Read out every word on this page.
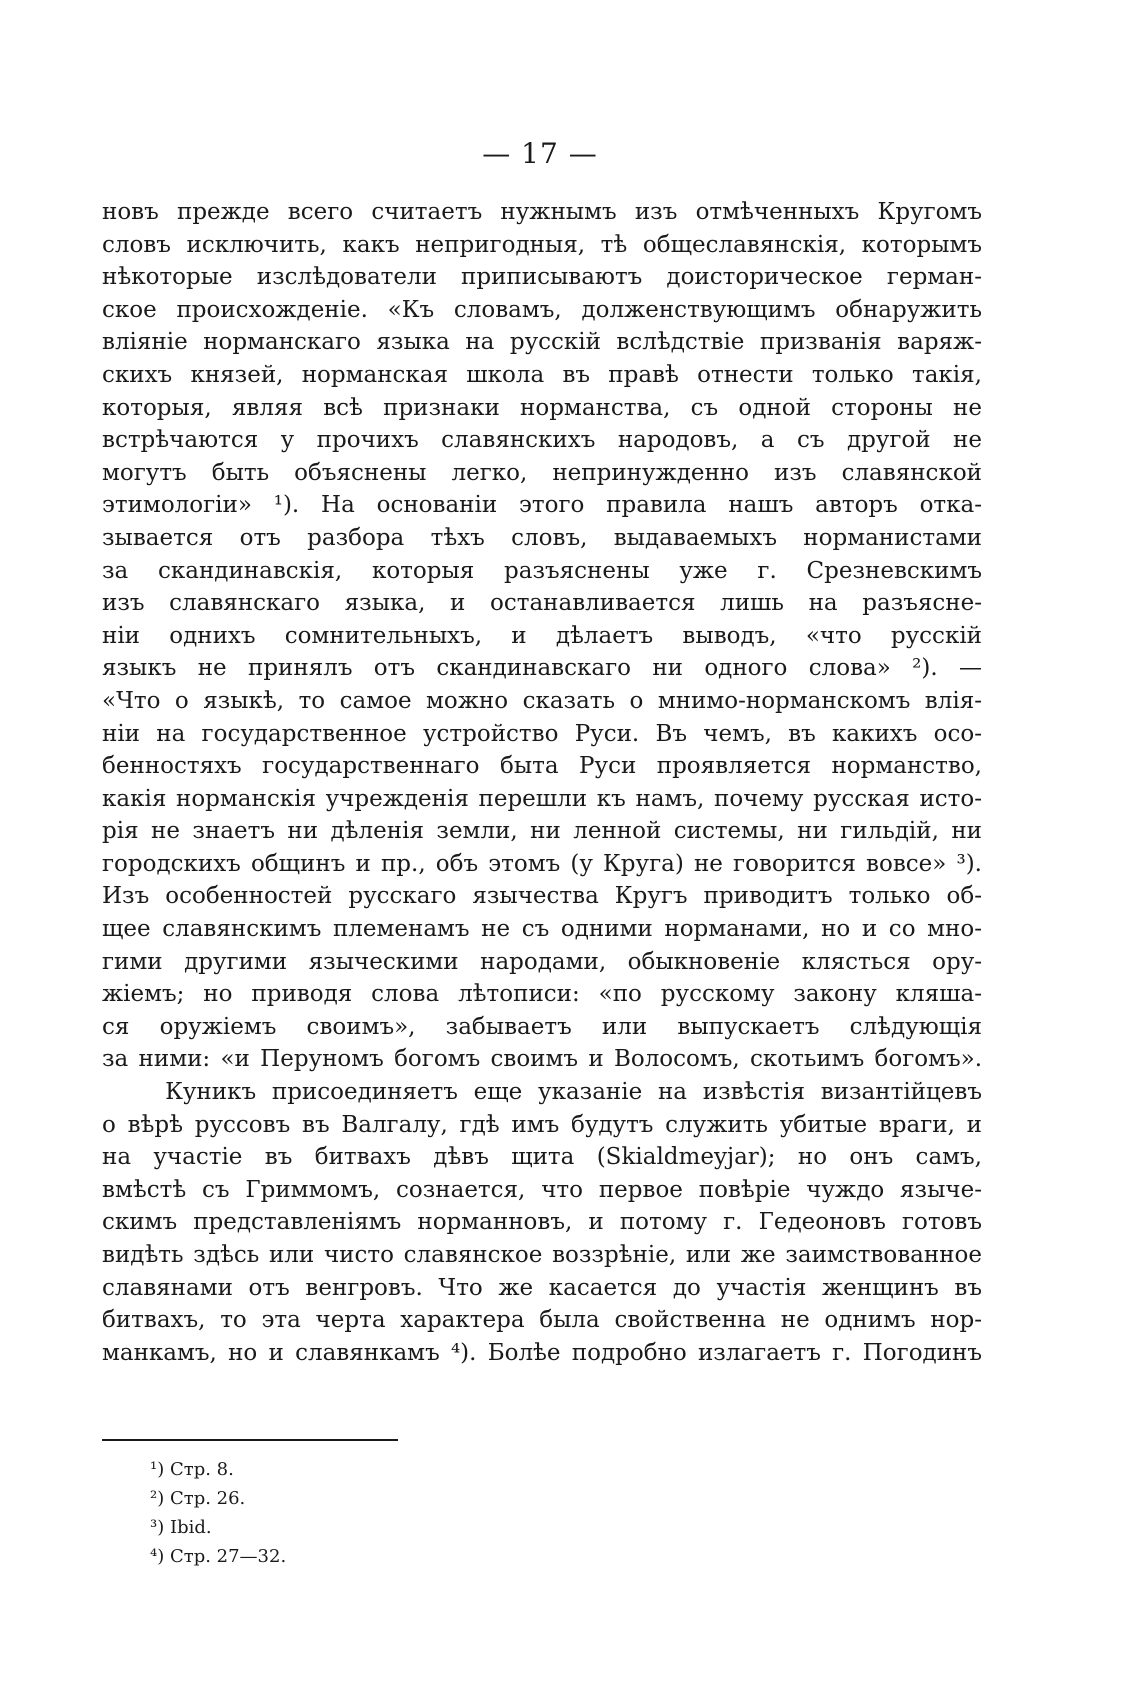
— 17 —
новъ прежде всего считаетъ нужнымъ изъ отмѣченныхъ Кругомъ
словъ исключить, какъ непригодныя, тѣ общеславянскія, которымъ
нѣкоторые изслѣдователи приписываютъ доисторическое герман-
ское происхожденіе. «Къ словамъ, долженствующимъ обнаружить
вліяніе норманскаго языка на русскій вслѣдствіе призванія варяж-
скихъ князей, норманская школа въ правѣ отнести только такія,
которыя, являя всѣ признаки норманства, съ одной стороны не
встрѣчаются у прочихъ славянскихъ народовъ, а съ другой не
могутъ быть объяснены легко, непринужденно изъ славянской
этимологіи» ¹). На основаніи этого правила нашъ авторъ отка-
зывается отъ разбора тѣхъ словъ, выдаваемыхъ норманистами
за скандинавскія, которыя разъяснены уже г. Срезневскимъ
изъ славянскаго языка, и останавливается лишь на разъясне-
ніи однихъ сомнительныхъ, и дѣлаетъ выводъ, «что русскій
языкъ не принялъ отъ скандинавскаго ни одного слова» ²). —
«Что о языкѣ, то самое можно сказать о мнимо-норманскомъ влія-
ніи на государственное устройство Руси. Въ чемъ, въ какихъ осо-
бенностяхъ государственнаго быта Руси проявляется норманство,
какія норманскія учрежденія перешли къ намъ, почему русская исто-
рія не знаетъ ни дѣленія земли, ни ленной системы, ни гильдій, ни
городскихъ общинъ и пр., объ этомъ (у Круга) не говорится вовсе» ³).
Изъ особенностей русскаго язычества Кругъ приводитъ только об-
щее славянскимъ племенамъ не съ одними норманами, но и со мно-
гими другими языческими народами, обыкновеніе клясться ору-
жіемъ; но приводя слова лѣтописи: «по русскому закону кляша-
ся оружіемъ своимъ», забываетъ или выпускаетъ слѣдующія
за ними: «и Перуномъ богомъ своимъ и Волосомъ, скотьимъ богомъ».
Куникъ присоединяетъ еще указаніе на извѣстія византійцевъ
о вѣрѣ руссовъ въ Валгалу, гдѣ имъ будутъ служить убитые враги, и
на участіе въ битвахъ дѣвъ щита (Skialdmeyjar); но онъ самъ,
вмѣстѣ съ Гриммомъ, сознается, что первое повѣріе чуждо языче-
скимъ представленіямъ норманновъ, и потому г. Гедеоновъ готовъ
видѣть здѣсь или чисто славянское воззрѣніе, или же заимствованное
славянами отъ венгровъ. Что же касается до участія женщинъ въ
битвахъ, то эта черта характера была свойственна не однимъ нор-
манкамъ, но и славянкамъ ⁴). Болѣе подробно излагаетъ г. Погодинъ
¹) Стр. 8.
²) Стр. 26.
³) Ibid.
⁴) Стр. 27—32.
